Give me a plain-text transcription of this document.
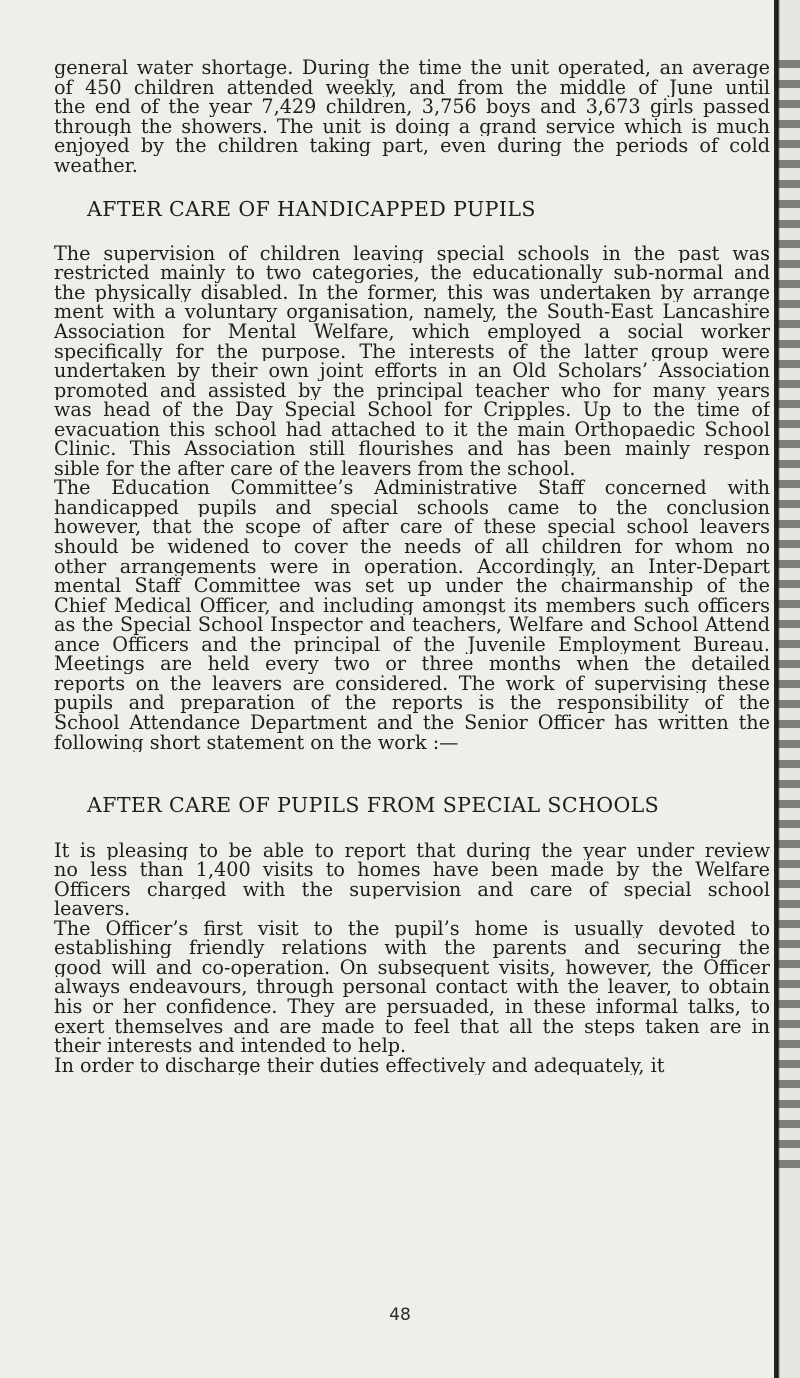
general water shortage. During the time the unit operated, an average
of 450 children attended weekly, and from the middle of June until
the end of the year 7,429 children, 3,756 boys and 3,673 girls passed
through the showers. The unit is doing a grand service which is much
enjoyed by the children taking part, even during the periods of cold
weather.
AFTER CARE OF HANDICAPPED PUPILS
The supervision of children leaving special schools in the past was
restricted mainly to two categories, the educationally sub-normal and
the physically disabled. In the former, this was undertaken by arrange
ment with a voluntary organisation, namely, the South-East Lancashire
Association for Mental Welfare, which employed a social worker
specifically for the purpose. The interests of the latter group were
undertaken by their own joint efforts in an Old Scholars’ Association
promoted and assisted by the principal teacher who for many years
was head of the Day Special School for Cripples. Up to the time of
evacuation this school had attached to it the main Orthopaedic School
Clinic. This Association still flourishes and has been mainly respon
sible for the after care of the leavers from the school.
The Education Committee’s Administrative Staff concerned with
handicapped pupils and special schools came to the conclusion
however, that the scope of after care of these special school leavers
should be widened to cover the needs of all children for whom no
other arrangements were in operation. Accordingly, an Inter-Depart
mental Staff Committee was set up under the chairmanship of the
Chief Medical Officer, and including amongst its members such officers
as the Special School Inspector and teachers, Welfare and School Attend
ance Officers and the principal of the Juvenile Employment Bureau.
Meetings are held every two or three months when the detailed
reports on the leavers are considered. The work of supervising these
pupils and preparation of the reports is the responsibility of the
School Attendance Department and the Senior Officer has written the
following short statement on the work :—
AFTER CARE OF PUPILS FROM SPECIAL SCHOOLS
It is pleasing to be able to report that during the year under review
no less than 1,400 visits to homes have been made by the Welfare
Officers charged with the supervision and care of special school
leavers.
The Officer’s first visit to the pupil’s home is usually devoted to
establishing friendly relations with the parents and securing the
good will and co-operation. On subsequent visits, however, the Officer
always endeavours, through personal contact with the leaver, to obtain
his or her confidence. They are persuaded, in these informal talks, to
exert themselves and are made to feel that all the steps taken are in
their interests and intended to help.
In order to discharge their duties effectively and adequately, it
48
